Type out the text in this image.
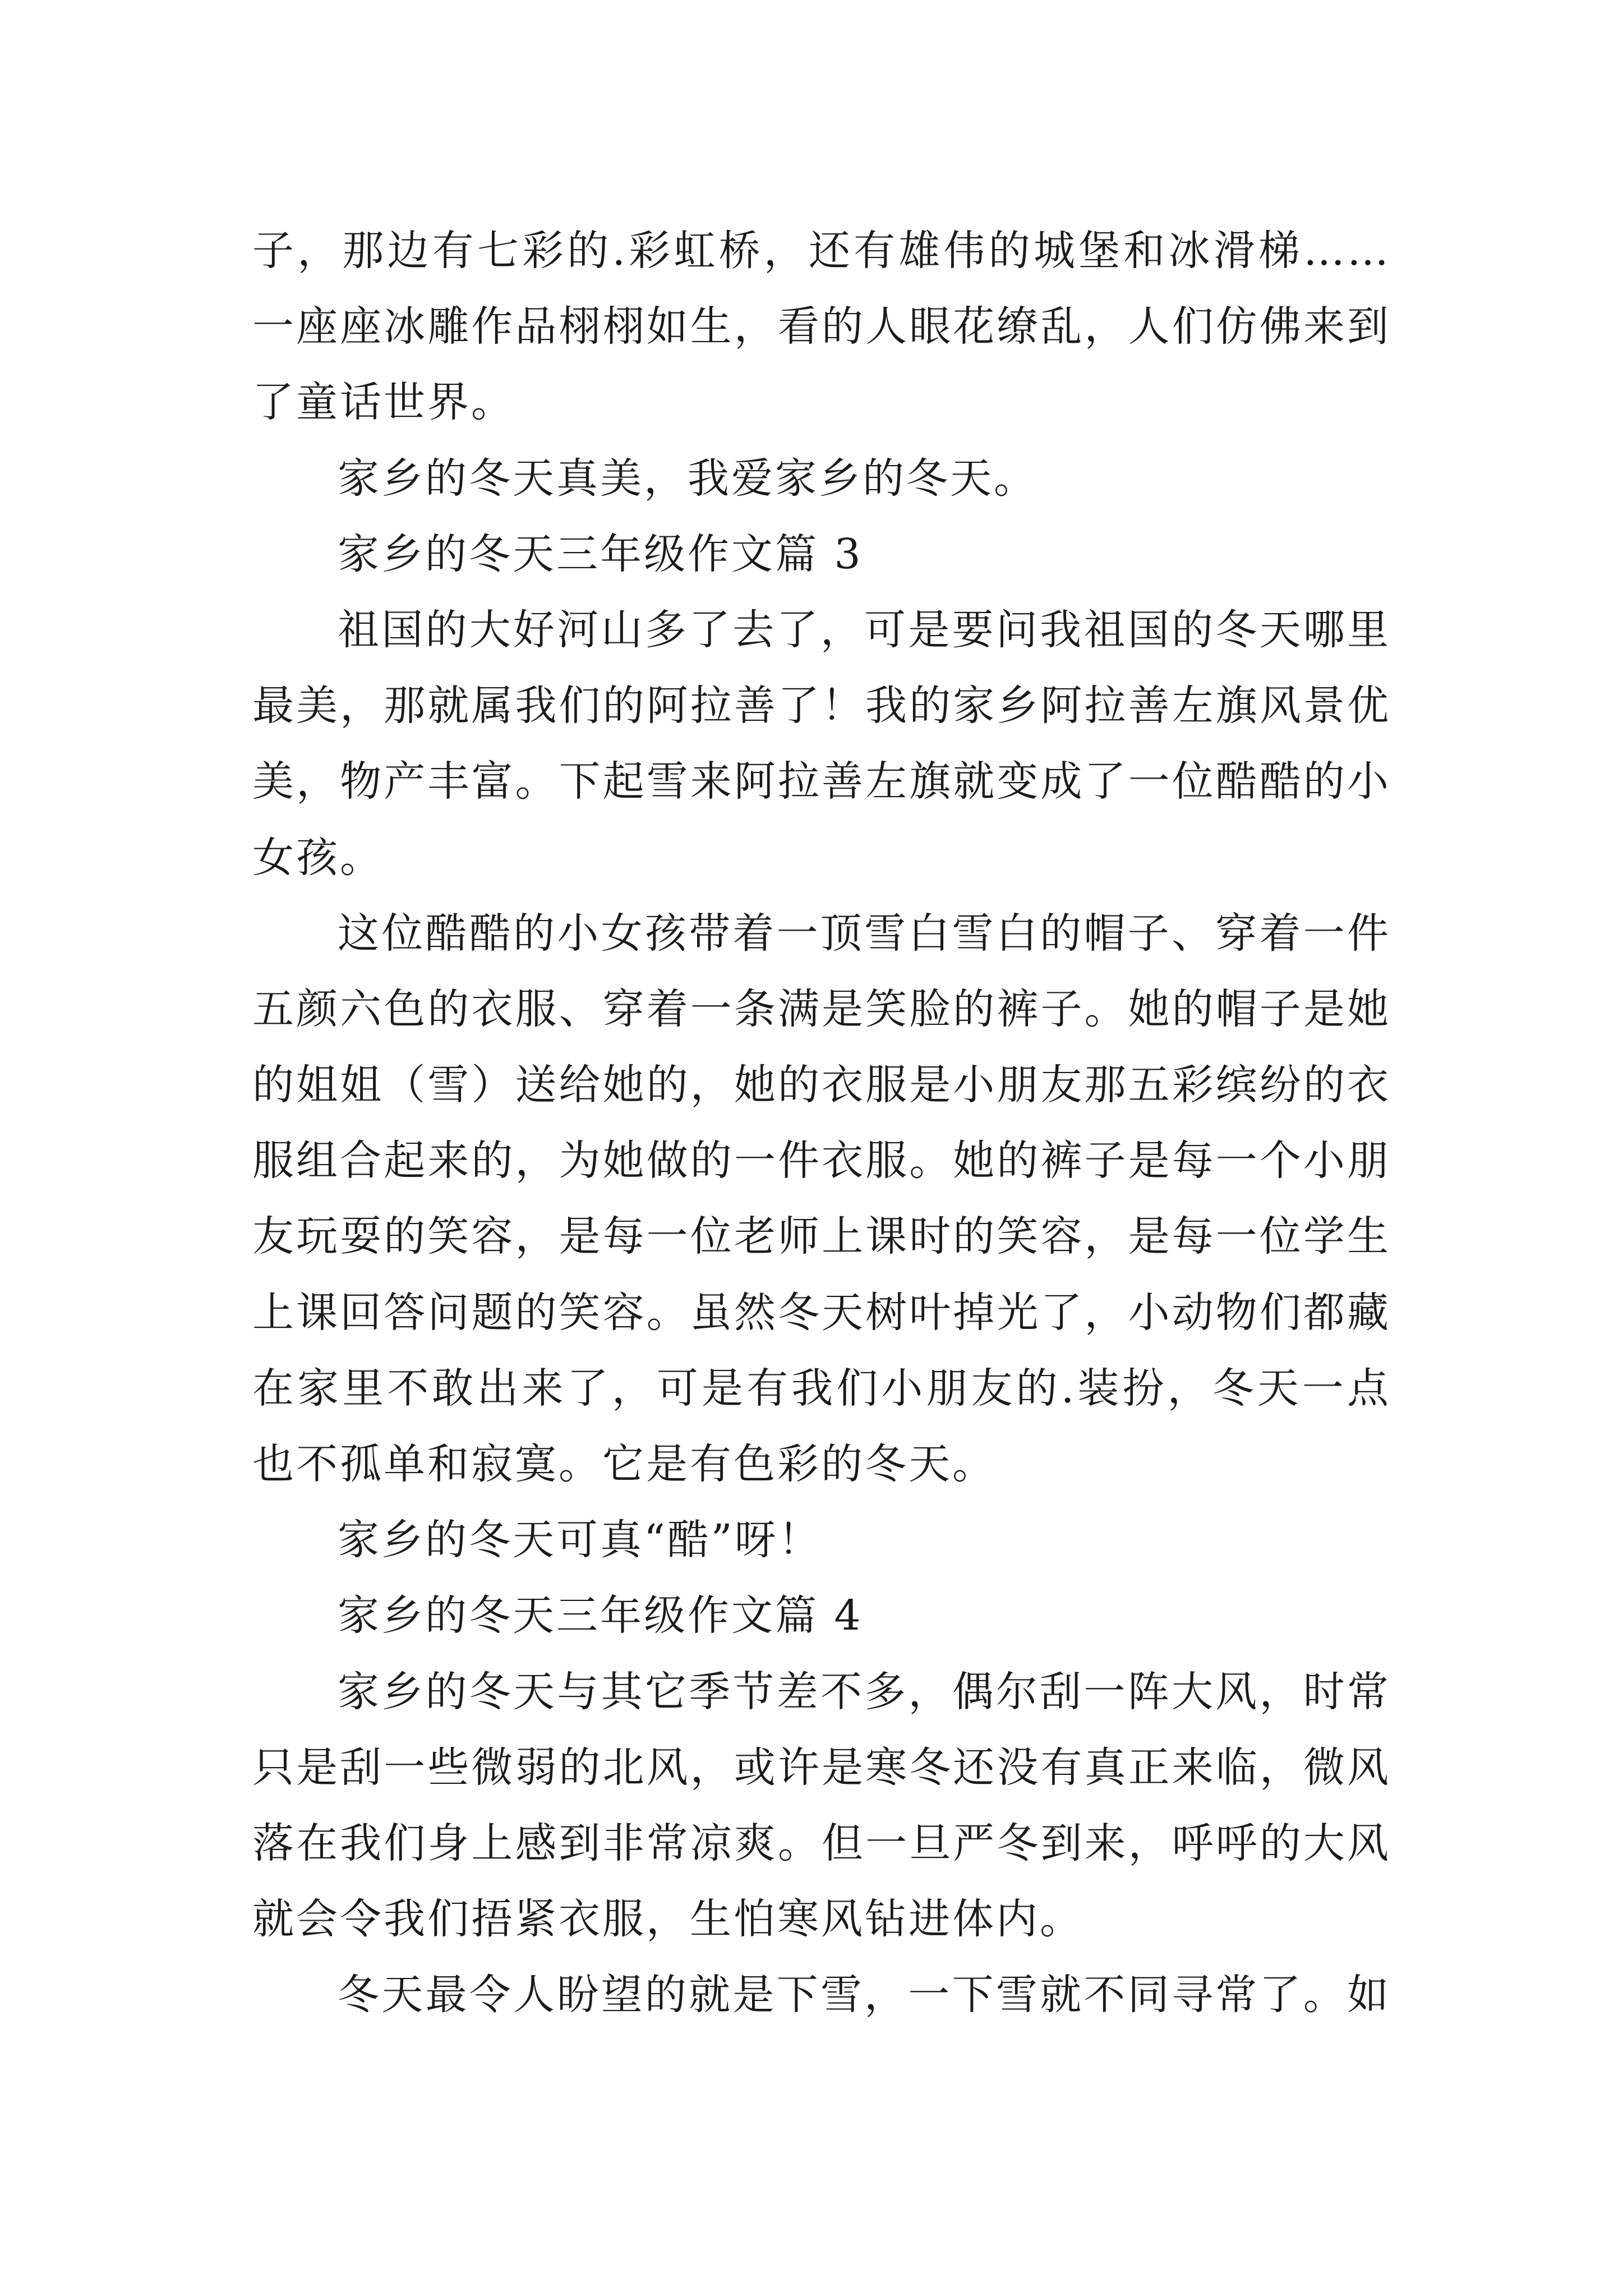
子，那边有七彩的.彩虹桥，还有雄伟的城堡和冰滑梯……
一座座冰雕作品栩栩如生，看的人眼花缭乱，人们仿佛来到
了童话世界。
家乡的冬天真美，我爱家乡的冬天。
家乡的冬天三年级作文篇 3
祖国的大好河山多了去了，可是要问我祖国的冬天哪里
最美，那就属我们的阿拉善了！我的家乡阿拉善左旗风景优
美，物产丰富。下起雪来阿拉善左旗就变成了一位酷酷的小
女孩。
这位酷酷的小女孩带着一顶雪白雪白的帽子、穿着一件
五颜六色的衣服、穿着一条满是笑脸的裤子。她的帽子是她
的姐姐（雪）送给她的，她的衣服是小朋友那五彩缤纷的衣
服组合起来的，为她做的一件衣服。她的裤子是每一个小朋
友玩耍的笑容，是每一位老师上课时的笑容，是每一位学生
上课回答问题的笑容。虽然冬天树叶掉光了，小动物们都藏
在家里不敢出来了，可是有我们小朋友的.装扮，冬天一点
也不孤单和寂寞。它是有色彩的冬天。
家乡的冬天可真“酷”呀！
家乡的冬天三年级作文篇 4
家乡的冬天与其它季节差不多，偶尔刮一阵大风，时常
只是刮一些微弱的北风，或许是寒冬还没有真正来临，微风
落在我们身上感到非常凉爽。但一旦严冬到来，呼呼的大风
就会令我们捂紧衣服，生怕寒风钻进体内。
冬天最令人盼望的就是下雪，一下雪就不同寻常了。如
